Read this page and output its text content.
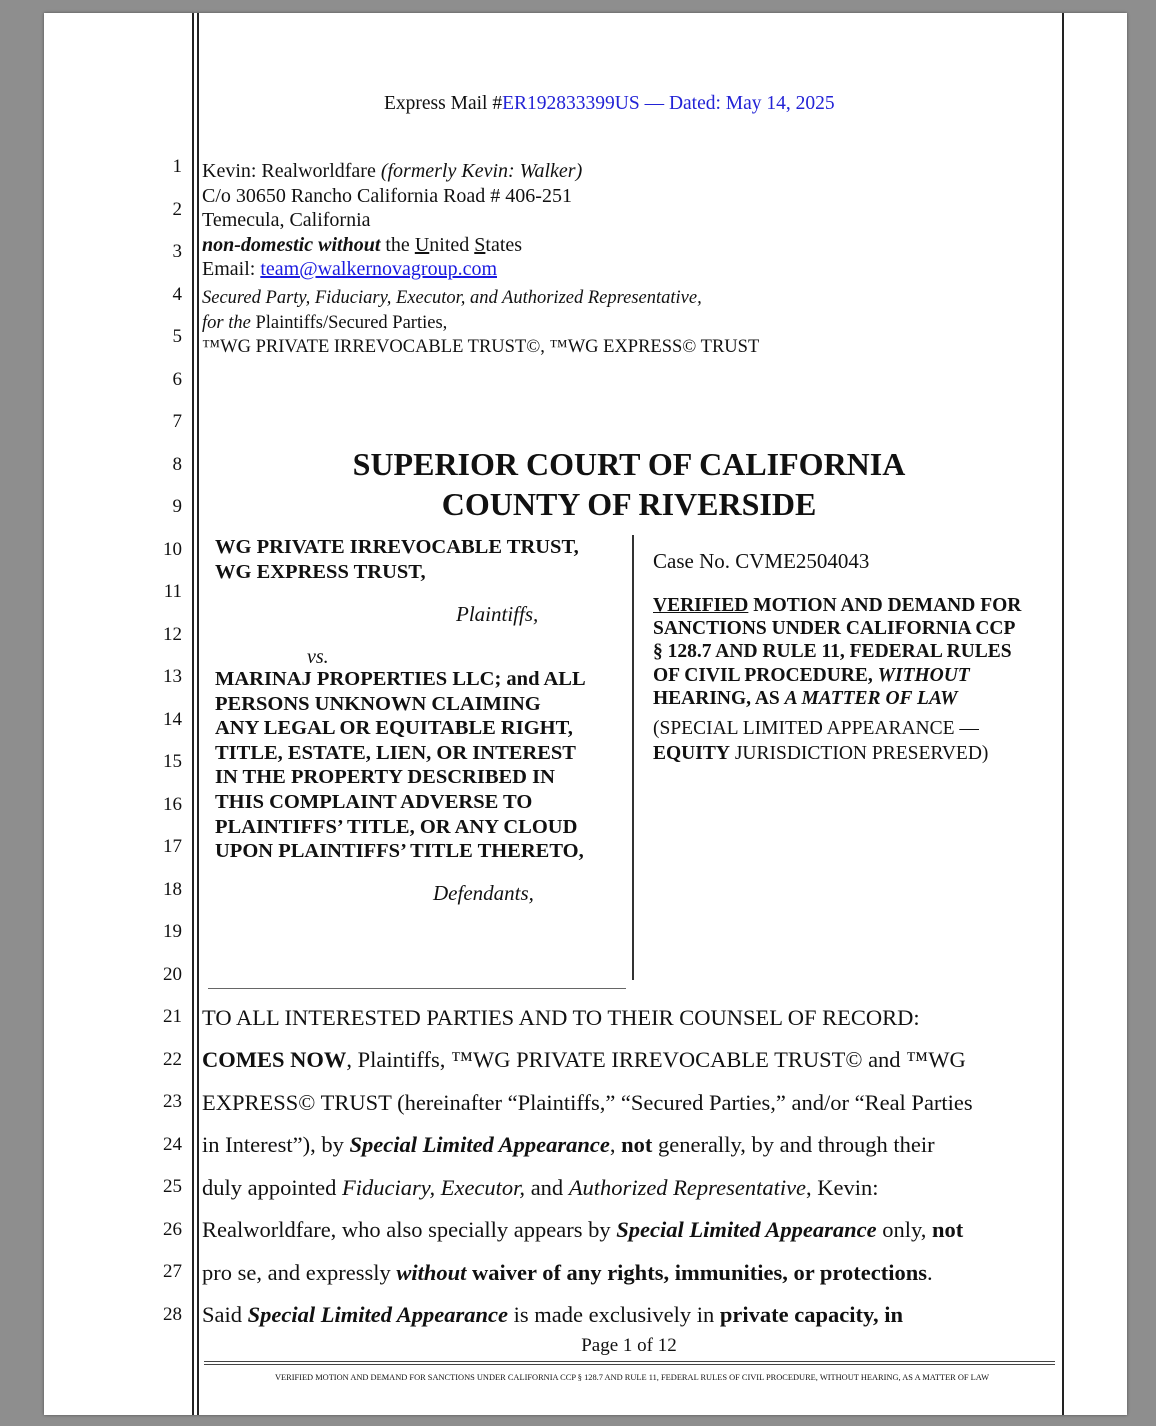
Express Mail #ER192833399US — Dated: May 14, 2025
1
2
3
4
5
6
7
8
9
10
11
12
13
14
15
16
17
18
19
20
21
22
23
24
25
26
27
28
Kevin: Realworldfare (formerly Kevin: Walker)
C/o 30650 Rancho California Road # 406-251
Temecula, California
non-domestic without the United States
Email: team@walkernovagroup.com
Secured Party, Fiduciary, Executor, and Authorized Representative,
for the Plaintiffs/Secured Parties,
™WG PRIVATE IRREVOCABLE TRUST©, ™WG EXPRESS© TRUST
SUPERIOR COURT OF CALIFORNIA
COUNTY OF RIVERSIDE
WG PRIVATE IRREVOCABLE TRUST,
WG EXPRESS TRUST,
Plaintiffs,
vs.
MARINAJ PROPERTIES LLC; and ALL
PERSONS UNKNOWN CLAIMING
ANY LEGAL OR EQUITABLE RIGHT,
TITLE, ESTATE, LIEN, OR INTEREST
IN THE PROPERTY DESCRIBED IN
THIS COMPLAINT ADVERSE TO
PLAINTIFFS’ TITLE, OR ANY CLOUD
UPON PLAINTIFFS’ TITLE THERETO,
Defendants,
Case No. CVME2504043
VERIFIED MOTION AND DEMAND FOR
SANCTIONS UNDER CALIFORNIA CCP
§ 128.7 AND RULE 11, FEDERAL RULES
OF CIVIL PROCEDURE, WITHOUT
HEARING, AS A MATTER OF LAW
(SPECIAL LIMITED APPEARANCE —
EQUITY JURISDICTION PRESERVED)
TO ALL INTERESTED PARTIES AND TO THEIR COUNSEL OF RECORD:
COMES NOW, Plaintiffs, ™WG PRIVATE IRREVOCABLE TRUST© and ™WG
EXPRESS© TRUST (hereinafter “Plaintiffs,” “Secured Parties,” and/or “Real Parties
in Interest”), by Special Limited Appearance, not generally, by and through their
duly appointed Fiduciary, Executor, and Authorized Representative, Kevin:
Realworldfare, who also specially appears by Special Limited Appearance only, not
pro se, and expressly without waiver of any rights, immunities, or protections.
Said Special Limited Appearance is made exclusively in private capacity, in
Page 1 of 12
VERIFIED MOTION AND DEMAND FOR SANCTIONS UNDER CALIFORNIA CCP § 128.7 AND RULE 11, FEDERAL RULES OF CIVIL PROCEDURE, WITHOUT HEARING, AS A MATTER OF LAW
